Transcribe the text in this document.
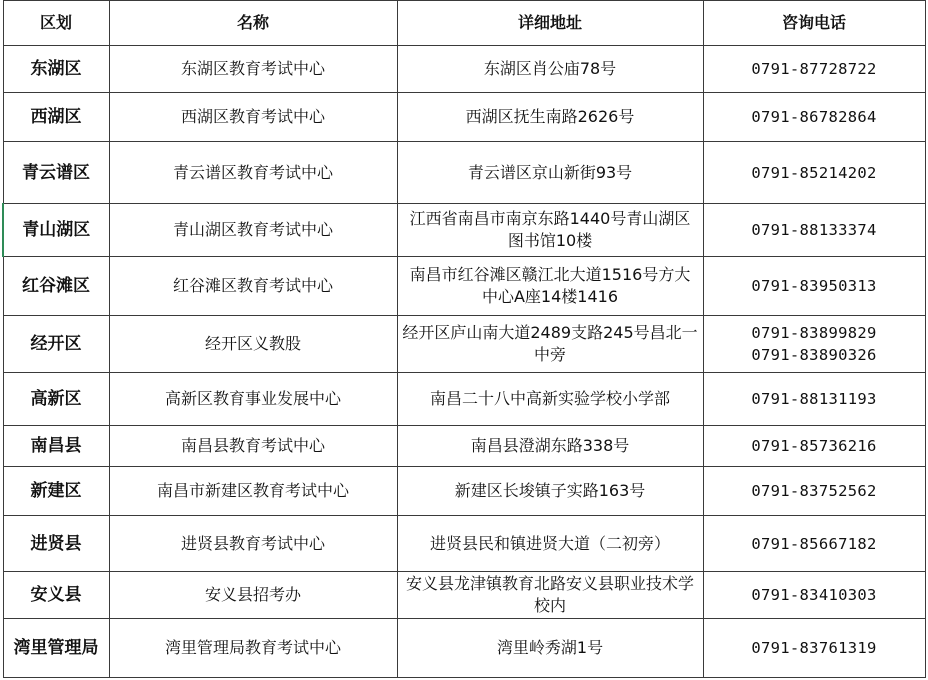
区划	名称	详细地址	咨询电话
东湖区	东湖区教育考试中心	东湖区肖公庙78号	0791-87728722

西湖区	西湖区教育考试中心	西湖区抚生南路2626号	0791-86782864

青云谱区	青云谱区教育考试中心	青云谱区京山新街93号	0791-85214202

青山湖区	青山湖区教育考试中心	江西省南昌市南京东路1440号青山湖区图书馆10楼	0791-88133374

红谷滩区	红谷滩区教育考试中心	南昌市红谷滩区赣江北大道1516号方大中心A座14楼1416	0791-83950313

经开区	经开区义教股	经开区庐山南大道2489支路245号昌北一中旁	0791-83899829
0791-83890326

高新区	高新区教育事业发展中心	南昌二十八中高新实验学校小学部	0791-88131193

南昌县	南昌县教育考试中心	南昌县澄湖东路338号	0791-85736216

新建区	南昌市新建区教育考试中心	新建区长埈镇子实路163号	0791-83752562

进贤县	进贤县教育考试中心	进贤县民和镇进贤大道（二初旁）	0791-85667182

安义县	安义县招考办	安义县龙津镇教育北路安义县职业技术学校内	0791-83410303

湾里管理局	湾里管理局教育考试中心	湾里岭秀湖1号	0791-83761319
